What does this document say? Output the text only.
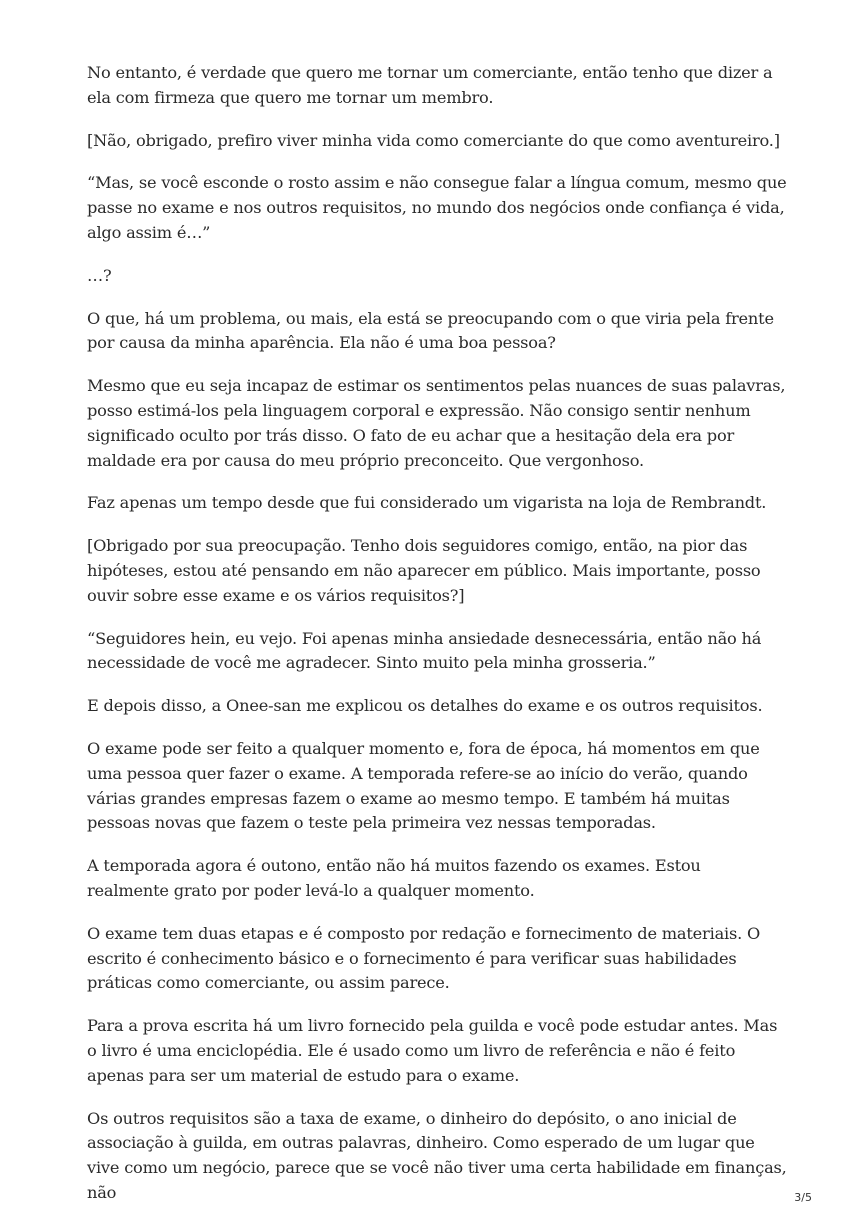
No entanto, é verdade que quero me tornar um comerciante, então tenho que dizer a ela com firmeza que quero me tornar um membro.

[Não, obrigado, prefiro viver minha vida como comerciante do que como aventureiro.]

“Mas, se você esconde o rosto assim e não consegue falar a língua comum, mesmo que passe no exame e nos outros requisitos, no mundo dos negócios onde confiança é vida, algo assim é…”

…?

O que, há um problema, ou mais, ela está se preocupando com o que viria pela frente por causa da minha aparência. Ela não é uma boa pessoa?

Mesmo que eu seja incapaz de estimar os sentimentos pelas nuances de suas palavras, posso estimá-los pela linguagem corporal e expressão. Não consigo sentir nenhum significado oculto por trás disso. O fato de eu achar que a hesitação dela era por maldade era por causa do meu próprio preconceito. Que vergonhoso.

Faz apenas um tempo desde que fui considerado um vigarista na loja de Rembrandt.

[Obrigado por sua preocupação. Tenho dois seguidores comigo, então, na pior das hipóteses, estou até pensando em não aparecer em público. Mais importante, posso ouvir sobre esse exame e os vários requisitos?]

“Seguidores hein, eu vejo. Foi apenas minha ansiedade desnecessária, então não há necessidade de você me agradecer. Sinto muito pela minha grosseria.”

E depois disso, a Onee-san me explicou os detalhes do exame e os outros requisitos.

O exame pode ser feito a qualquer momento e, fora de época, há momentos em que uma pessoa quer fazer o exame. A temporada refere-se ao início do verão, quando várias grandes empresas fazem o exame ao mesmo tempo. E também há muitas pessoas novas que fazem o teste pela primeira vez nessas temporadas.

A temporada agora é outono, então não há muitos fazendo os exames. Estou realmente grato por poder levá-lo a qualquer momento.

O exame tem duas etapas e é composto por redação e fornecimento de materiais. O escrito é conhecimento básico e o fornecimento é para verificar suas habilidades práticas como comerciante, ou assim parece.

Para a prova escrita há um livro fornecido pela guilda e você pode estudar antes. Mas o livro é uma enciclopédia. Ele é usado como um livro de referência e não é feito apenas para ser um material de estudo para o exame.

Os outros requisitos são a taxa de exame, o dinheiro do depósito, o ano inicial de associação à guilda, em outras palavras, dinheiro. Como esperado de um lugar que vive como um negócio, parece que se você não tiver uma certa habilidade em finanças, não	3/5
